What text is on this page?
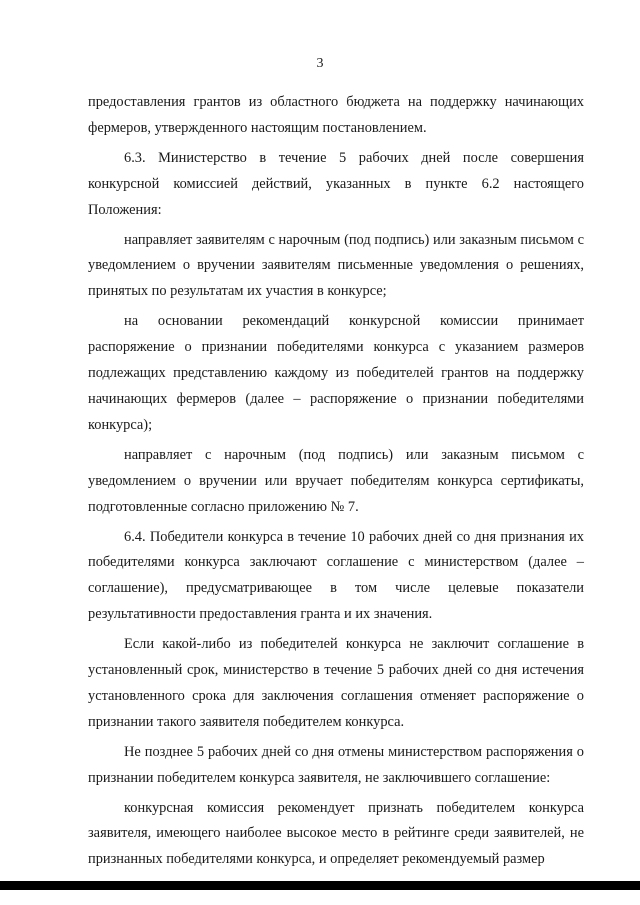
3

предоставления грантов из областного бюджета на поддержку начинающих фермеров, утвержденного настоящим постановлением.

6.3. Министерство в течение 5 рабочих дней после совершения конкурсной комиссией действий, указанных в пункте 6.2 настоящего Положения:

направляет заявителям с нарочным (под подпись) или заказным письмом с уведомлением о вручении заявителям письменные уведомления о решениях, принятых по результатам их участия в конкурсе;

на основании рекомендаций конкурсной комиссии принимает распоряжение о признании победителями конкурса с указанием размеров подлежащих представлению каждому из победителей грантов на поддержку начинающих фермеров (далее – распоряжение о признании победителями конкурса);

направляет с нарочным (под подпись) или заказным письмом с уведомлением о вручении или вручает победителям конкурса сертификаты, подготовленные согласно приложению № 7.

6.4. Победители конкурса в течение 10 рабочих дней со дня признания их победителями конкурса заключают соглашение с министерством (далее – соглашение), предусматривающее в том числе целевые показатели результативности предоставления гранта и их значения.

Если какой-либо из победителей конкурса не заключит соглашение в установленный срок, министерство в течение 5 рабочих дней со дня истечения установленного срока для заключения соглашения отменяет распоряжение о признании такого заявителя победителем конкурса.

Не позднее 5 рабочих дней со дня отмены министерством распоряжения о признании победителем конкурса заявителя, не заключившего соглашение:

конкурсная комиссия рекомендует признать победителем конкурса заявителя, имеющего наиболее высокое место в рейтинге среди заявителей, не признанных победителями конкурса, и определяет рекомендуемый размер
